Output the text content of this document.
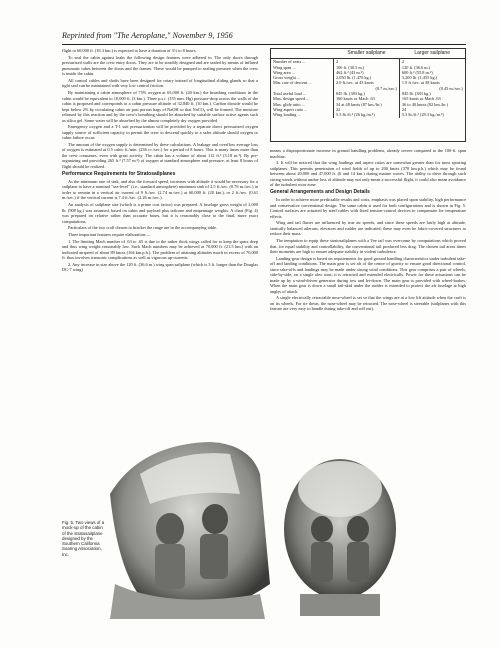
Reprinted from "The Aeroplane," November 9, 1956

flight to 60,000 ft. (18.3 km.) is expected to have a duration of 3½ to 8 hours.

To seal the cabin against leaks the following design features were adhered to. The only doors through pressurized walls are the crew entry doors. They are to be steadily designed and are sealed by means of inflated pneumatic tubes between the doors and the frames. These would be pumped to sealing pressure when the crew is inside the cabin.

All control cables and shafts have been designed for rotary instead of longitudinal sliding glands so that a tight seal can be maintained with very low control friction.

By maintaining a cabin atmosphere of 75% oxygen at 65,000 ft. (20 km.) the breathing conditions in the cabin would be equivalent to 10,000 ft. (3 km.). Three p.s.i. (155 mm. Hg) pressure-drop across the walls of the cabin is proposed and corresponds to a cabin pressure altitude of 32,840 ft. (10 km.). Carbon dioxide would be kept below 2% by circulating cabin air past porous bags of NaOH so that NaCO₃ will be formed. The moisture released by this reaction and by the crew's breathing should be absorbed by suitable surface active agents such as silica gel. Some water will be absorbed by the almost completely dry oxygen provided.

Emergency oxygen and a T-1 suit pressurization will be provided by a separate direct pressurized oxygen supply source of sufficient capacity to permit the crew to descend quickly to a safer altitude should oxygen or cabin failure occur.

The amount of the oxygen supply is determined by these calculations. A leakage and overflow average loss of oxygen is estimated at 0.5 cubic ft./min. (236 cc./sec.) for a period of 8 hours. This is many times more than the crew consumes, even with great activity. The cabin has a volume of about 112 ft.³ (3.18 m.³). By pre-organizing and providing 265 ft.³ (7.57 m.³) of oxygen at standard atmosphere and pressure, at least 8 hours of flight should be realized.

Performance Requirements for Stratosailplanes

As the minimum rate of sink, and also the forward speed, increases with altitude it would be necessary for a sailplane to have a nominal "sea-level" (i.e., standard atmosphere) minimum sink of 2.5 ft./sec. (0.76 m./sec.) in order to remain in a vertical air current of 9 ft./sec. (2.74 m./sec.) at 60,000 ft. (20 km.), or 2 ft./sec. (0.61 m./sec.) if the vertical current is 7.4 ft./sec. (2.26 m./sec.).

An analysis of sailplane size (which is a prime cost factor) was prepared. A fuselage gross weight of 2,000 lb. (908 kg.) was assumed, based on cabin and payload plus tailcone and empennage weights. A chart (Fig. 4) was prepared on relative rather than accurate bases, but it is reasonably close to the final, more exact computations.

Particulars of the two craft chosen to bracket the range are in the accompanying table.

Three important features require elaboration:—

1. The limiting Mach number of .63 to .65 is due to the rather thick wings called for to keep the spars deep and thus wing weight reasonably low. Such Mach numbers may be achieved at 70,000 ft. (21.5 km.) with an indicated airspeed of about 89 knots (164 km.p.h.). The problem of attaining altitudes much in excess of 70,000 ft. thus involves transonic complications as well as vigorous up-currents.
2. Any increase in size above the 120 ft. (36.6 m.) wing span sailplane (which is 3 ft. longer than the Douglas DC-7 wing)
	Smaller sailplane	Larger sailplane
Number of seats ...	2	2
Wing span ...	100 ft. (30.5 m.)	120 ft. (36.6 m.)
Wing area ...	462 ft.² (43 m.²)	600 ft.² (55.8 m.²)
Gross weight ...	2,050 lb. (1,470 kg.)	3,200 lb. (1,455 kg.)
Min. rate of descent ...	2.0 ft./sec. at 43 knots	1.9 ft./sec. at 38 knots
	(0.7 m./sec.)	(0.45 m./sec.)
Total useful load ...	845 lb. (383 kg.)	845 lb. (383 kg.)
Max. design speed ...	160 knots or Mach .63	165 knots or Mach .63
Max. glide ratio ...	34 at 48 knots (87 km./hr.)	36 to 40 knots (82 km./hr.)
Wing aspect ratio ...	22	24
Wing loading ...	5.3 lb./ft.² (26 kg./m.²)	5.3 lb./ft.² (29.3 kg./m.²)

means a disproportionate increase in ground handling problems, already severe compared to the 100-ft. span machine.

3. It will be noticed that the wing loadings and aspect ratios are somewhat greater than for most sporting sailplanes. This permits penetration of wind fields of up to 200 knots (370 km.p.h.) which may be found between about 20,000 and 47,000 ft. (6 and 14 km.) during mature waves. The ability to drive through such strong winds without undue loss of altitude may not only mean a successful flight, it could also mean avoidance of the turbulent rotor zone.

General Arrangements and Design Details

In order to achieve more predictable results and costs, emphasis was placed upon stability, high performance and conservative conventional design. The same cabin is used for both configurations and is shown in Fig. 5. Control surfaces are actuated by steel cables with fixed tension-control devices to compensate for temperature effects.

Wing and tail flutter are influenced by true air speeds, and since these speeds are fairly high at altitude, statically balanced ailerons, elevators and rudder are indicated; these may even be fabric-covered structures to reduce their mass.

The temptation to equip these stratosailplanes with a Vee tail was overcome by computations which proved that, for equal stability and controllability, the conventional tail produced less drag. The chosen tail areas times their moments are high to ensure adequate stability in violent turbulence.

Landing-gear design is based on requirements for good ground handling characteristics under turbulent take-off and landing conditions. The main gear is set aft of the centre of gravity to ensure good directional control, since take-offs and landings may be made under strong wind conditions. This gear comprises a pair of wheels, side-by-side, on a single oleo strut; it is retracted and extended electrically. Power for these actuations can be made up by a wind-driven generator during tow and let-down. The main gear is provided with wheel-brakes. When the main gear is down a small tail-skid under the rudder is extended to protect the aft fuselage at high angles of attack.

A single electrically retractable nose-wheel is set so that the wings are at a low lift attitude when the craft is on its wheels. For tie down, the nose-wheel may be retracted. The nose-wheel is steerable (sailplanes with this feature are very easy to handle during take-off and roll out).

Fig. 5. Two views of a mock-up of the cabin of the stratosailplane designed by the Southern California Soaring Association, Inc.
